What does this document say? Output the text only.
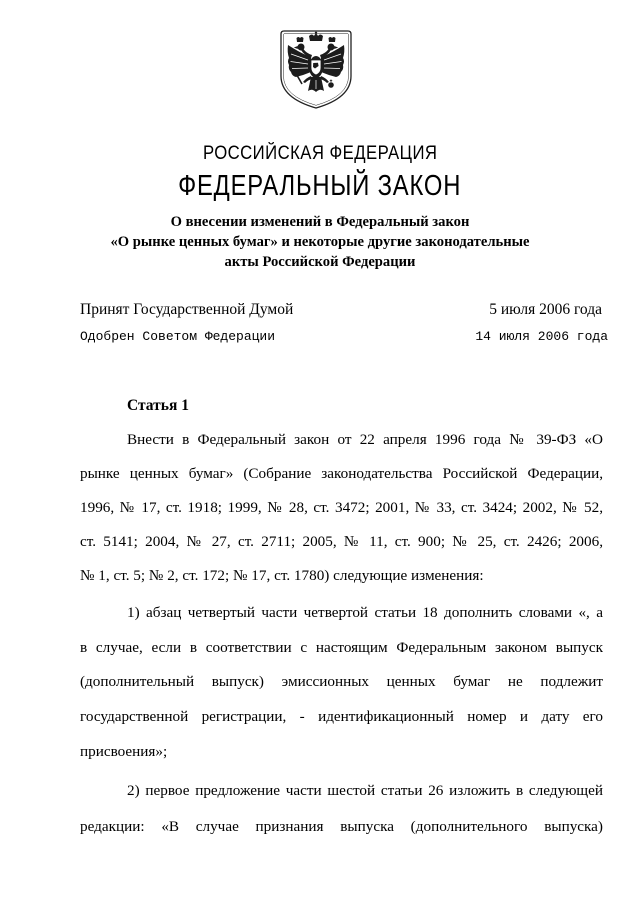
РОССИЙСКАЯ ФЕДЕРАЦИЯ
ФЕДЕРАЛЬНЫЙ ЗАКОН
О внесении изменений в Федеральный закон
«О рынке ценных бумаг» и некоторые другие законодательные
акты Российской Федерации
Принят Государственной Думой	5 июля 2006 года
Одобрен Советом Федерации	14 июля 2006 года
Статья 1
Внести в Федеральный закон от 22 апреля 1996 года № 39-ФЗ «О
рынке ценных бумаг» (Собрание законодательства Российской Федерации,
1996, № 17, ст. 1918; 1999, № 28, ст. 3472; 2001, № 33, ст. 3424; 2002, № 52,
ст. 5141; 2004, № 27, ст. 2711; 2005, № 11, ст. 900; № 25, ст. 2426; 2006,
№ 1, ст. 5; № 2, ст. 172; № 17, ст. 1780) следующие изменения:
1) абзац четвертый части четвертой статьи 18 дополнить словами «, а
в случае, если в соответствии с настоящим Федеральным законом выпуск
(дополнительный выпуск) эмиссионных ценных бумаг не подлежит
государственной регистрации, - идентификационный номер и дату его
присвоения»;
2) первое предложение части шестой статьи 26 изложить в следующей
редакции: «В случае признания выпуска (дополнительного выпуска)
